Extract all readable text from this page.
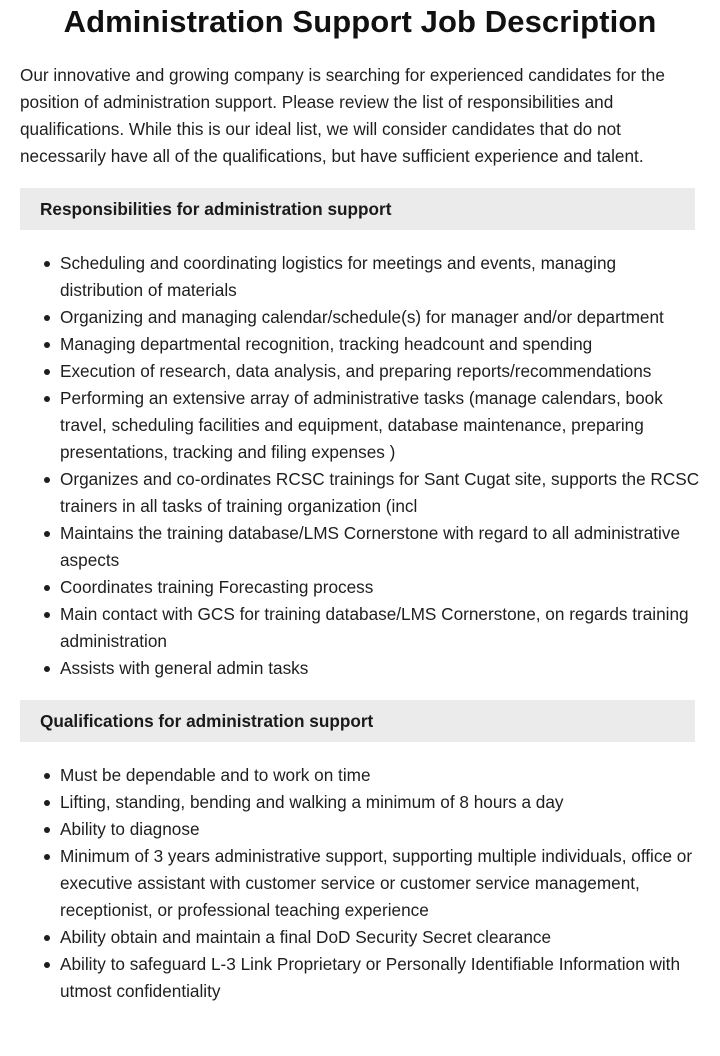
Administration Support Job Description

Our innovative and growing company is searching for experienced candidates for the position of administration support. Please review the list of responsibilities and qualifications. While this is our ideal list, we will consider candidates that do not necessarily have all of the qualifications, but have sufficient experience and talent.

Responsibilities for administration support
Scheduling and coordinating logistics for meetings and events, managing distribution of materials
Organizing and managing calendar/schedule(s) for manager and/or department
Managing departmental recognition, tracking headcount and spending
Execution of research, data analysis, and preparing reports/recommendations
Performing an extensive array of administrative tasks (manage calendars, book travel, scheduling facilities and equipment, database maintenance, preparing presentations, tracking and filing expenses )
Organizes and co-ordinates RCSC trainings for Sant Cugat site, supports the RCSC trainers in all tasks of training organization (incl
Maintains the training database/LMS Cornerstone with regard to all administrative aspects
Coordinates training Forecasting process
Main contact with GCS for training database/LMS Cornerstone, on regards training administration
Assists with general admin tasks
Qualifications for administration support
Must be dependable and to work on time
Lifting, standing, bending and walking a minimum of 8 hours a day
Ability to diagnose
Minimum of 3 years administrative support, supporting multiple individuals, office or executive assistant with customer service or customer service management, receptionist, or professional teaching experience
Ability obtain and maintain a final DoD Security Secret clearance
Ability to safeguard L-3 Link Proprietary or Personally Identifiable Information with utmost confidentiality
